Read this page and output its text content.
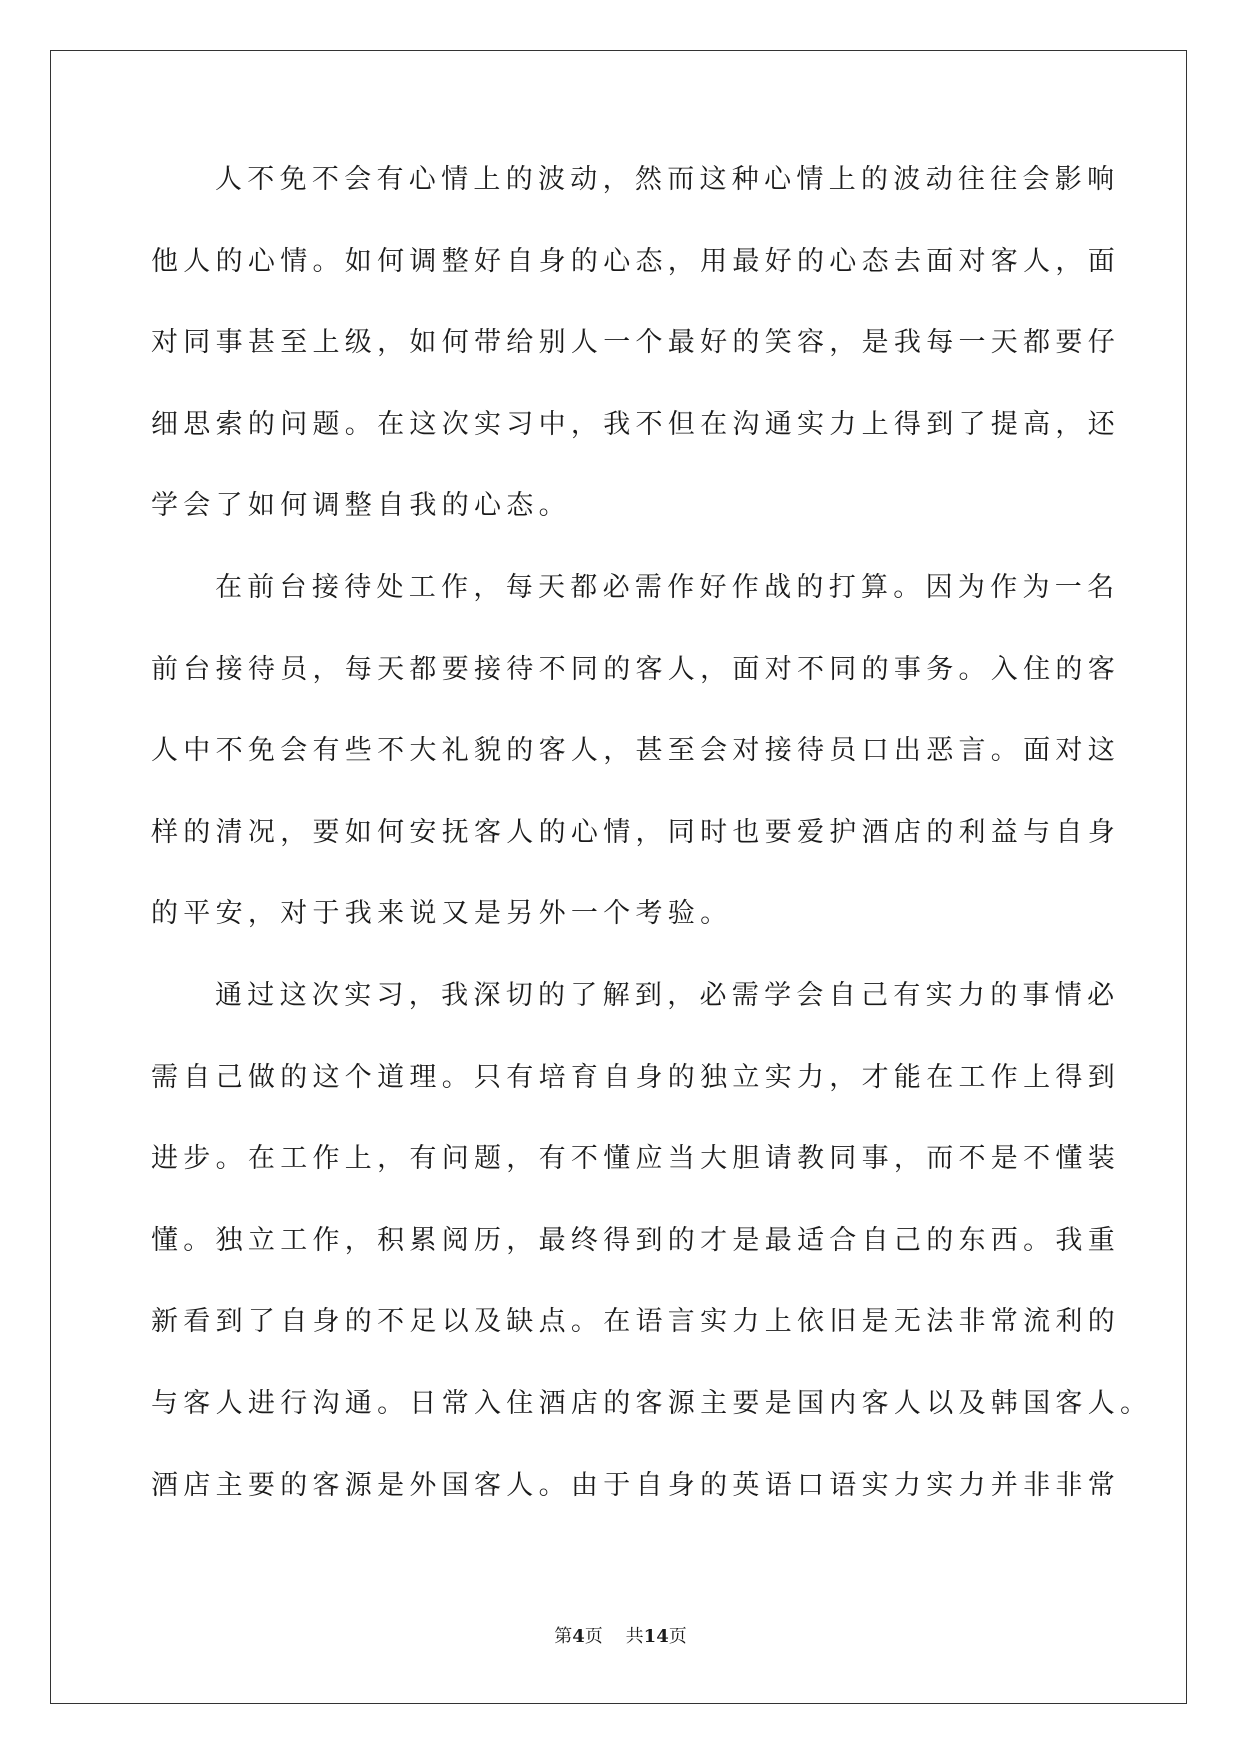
人不免不会有心情上的波动，然而这种心情上的波动往往会影响
他人的心情。如何调整好自身的心态，用最好的心态去面对客人，面
对同事甚至上级，如何带给别人一个最好的笑容，是我每一天都要仔
细思索的问题。在这次实习中，我不但在沟通实力上得到了提高，还
学会了如何调整自我的心态。
在前台接待处工作，每天都必需作好作战的打算。因为作为一名
前台接待员，每天都要接待不同的客人，面对不同的事务。入住的客
人中不免会有些不大礼貌的客人，甚至会对接待员口出恶言。面对这
样的清况，要如何安抚客人的心情，同时也要爱护酒店的利益与自身
的平安，对于我来说又是另外一个考验。
通过这次实习，我深切的了解到，必需学会自己有实力的事情必
需自己做的这个道理。只有培育自身的独立实力，才能在工作上得到
进步。在工作上，有问题，有不懂应当大胆请教同事，而不是不懂装
懂。独立工作，积累阅历，最终得到的才是最适合自己的东西。我重
新看到了自身的不足以及缺点。在语言实力上依旧是无法非常流利的
与客人进行沟通。日常入住酒店的客源主要是国内客人以及韩国客人。
酒店主要的客源是外国客人。由于自身的英语口语实力实力并非非常
第4页 共14页
